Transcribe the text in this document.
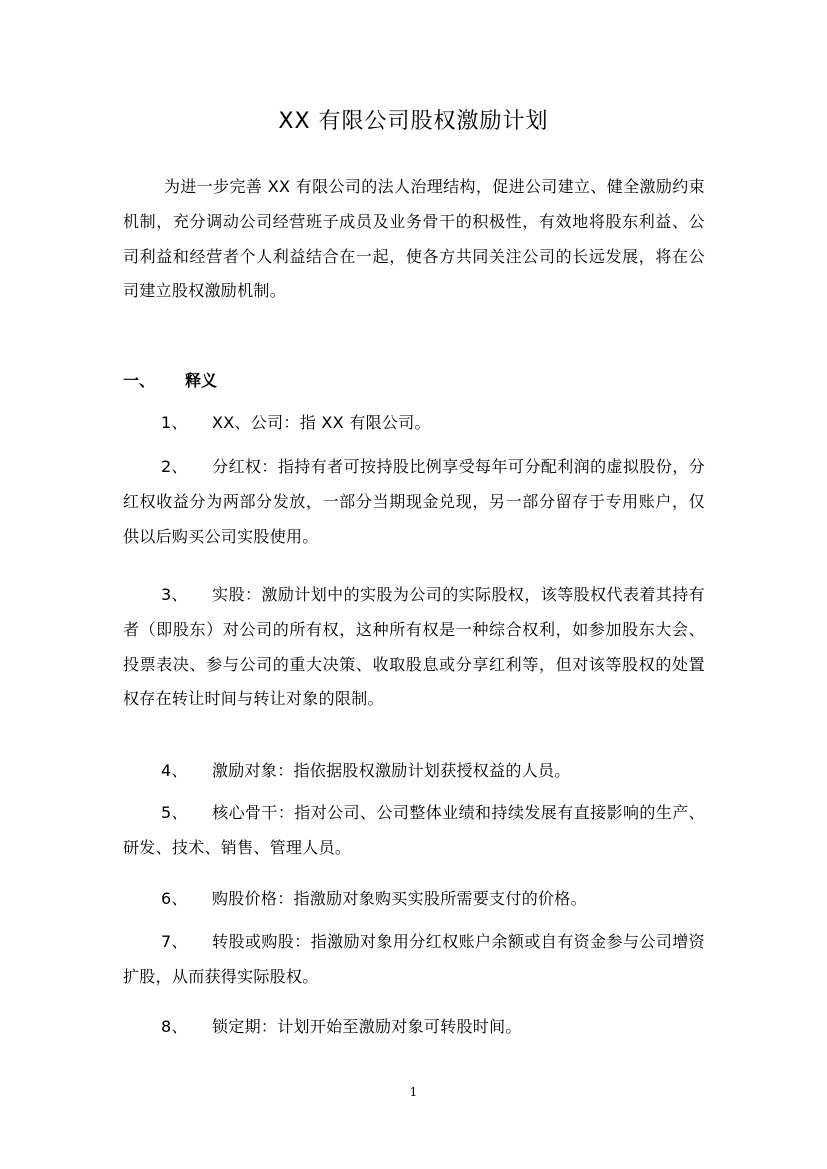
XX 有限公司股权激励计划
为进一步完善 XX 有限公司的法人治理结构，促进公司建立、健全激励约束机制，充分调动公司经营班子成员及业务骨干的积极性，有效地将股东利益、公司利益和经营者个人利益结合在一起，使各方共同关注公司的长远发展，将在公司建立股权激励机制。
一、 释义
1、 XX、公司：指 XX 有限公司。
2、 分红权：指持有者可按持股比例享受每年可分配利润的虚拟股份，分红权收益分为两部分发放，一部分当期现金兑现，另一部分留存于专用账户，仅供以后购买公司实股使用。
3、 实股：激励计划中的实股为公司的实际股权，该等股权代表着其持有者（即股东）对公司的所有权，这种所有权是一种综合权利，如参加股东大会、投票表决、参与公司的重大决策、收取股息或分享红利等，但对该等股权的处置权存在转让时间与转让对象的限制。
4、 激励对象：指依据股权激励计划获授权益的人员。
5、 核心骨干：指对公司、公司整体业绩和持续发展有直接影响的生产、研发、技术、销售、管理人员。
6、 购股价格：指激励对象购买实股所需要支付的价格。
7、 转股或购股：指激励对象用分红权账户余额或自有资金参与公司增资扩股，从而获得实际股权。
8、 锁定期：计划开始至激励对象可转股时间。
1
